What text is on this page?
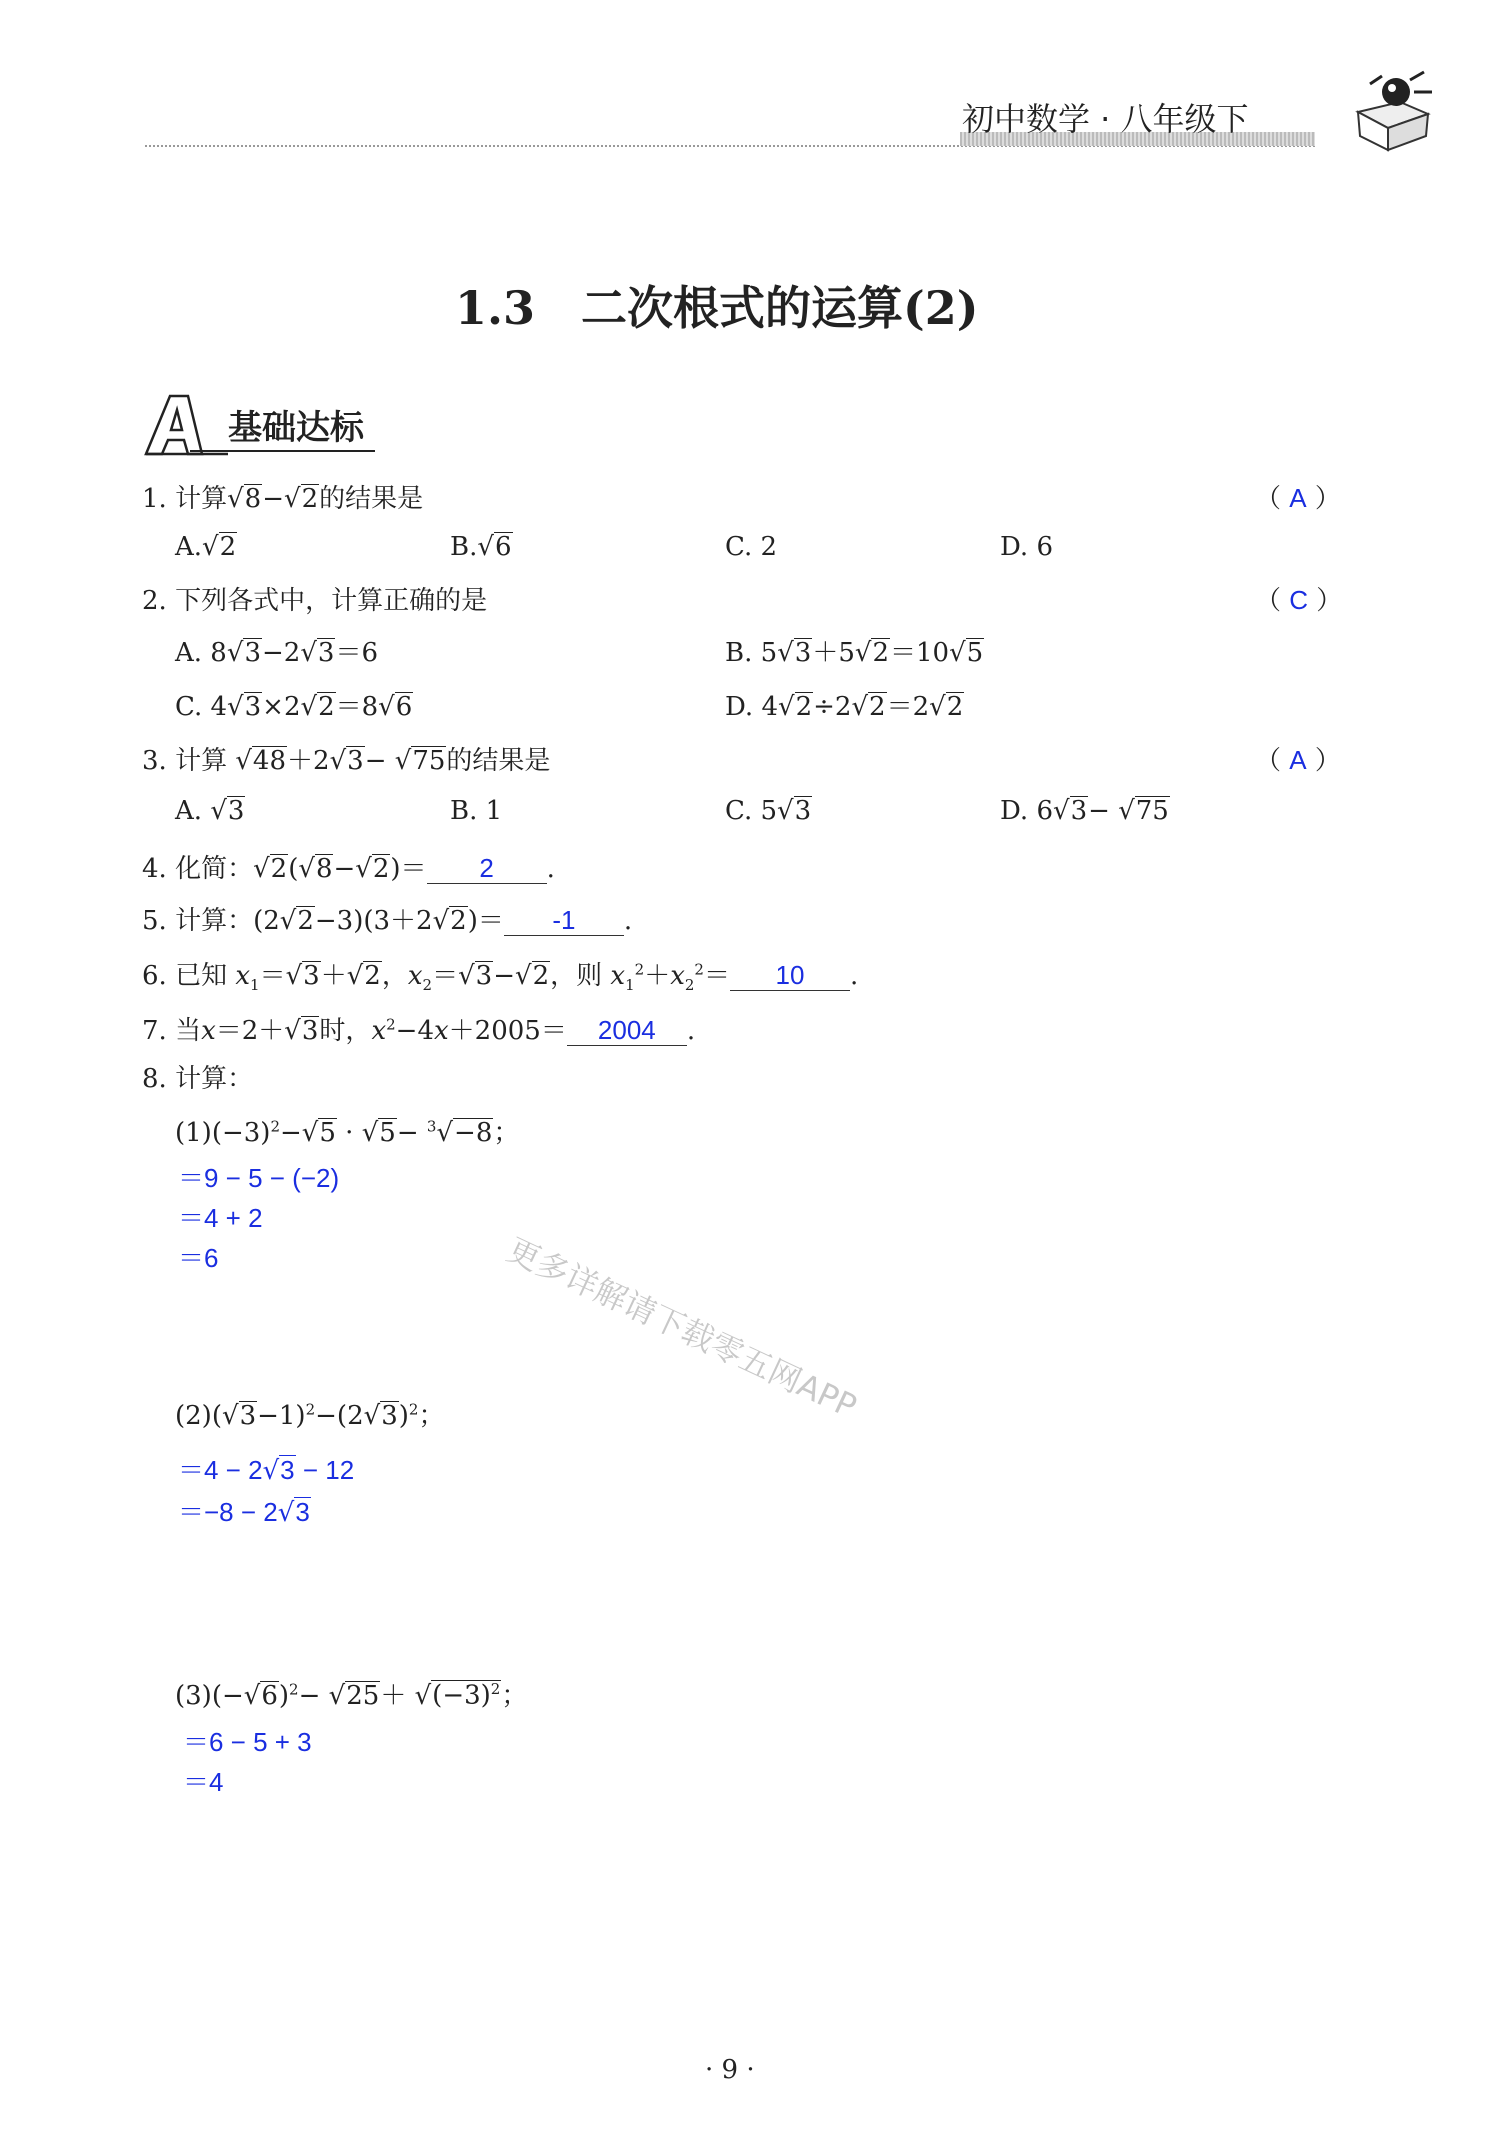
初中数学 · 八年级下
1.3　二次根式的运算(2)
基础达标
1. 计算√8−√2的结果是	（ A ）
A.√2	B.√6	C. 2	D. 6
2. 下列各式中，计算正确的是	（ C ）
A. 8√3−2√3＝6	B. 5√3＋5√2＝10√5
C. 4√3×2√2＝8√6	D. 4√2÷2√2＝2√2
3. 计算 √48＋2√3− √75的结果是	（ A ）
A. √3	B. 1	C. 5√3	D. 6√3− √75
4. 化简：√2(√8−√2)＝ 2 .
5. 计算：(2√2−3)(3＋2√2)＝ -1 .
6. 已知 $x_1=√3+√2$，$x_2=√3-√2$，则 $x_1^2+x_2^2= 10$ .
7. 当x＝2＋√3时，$x^2-4x+2005= 2004$ .
8. 计算：
$(1)(-3)^2-√5 \cdot √5- ^3√-8$；
＝9 − 5 − (−2)
＝4 + 2
＝6
$(2)(√3-1)^2-(2√3)^2$；
＝4 − 2√3 − 12
＝−8 − 2√3
$(3)(-√6)^2- √25+ √(-3)^2$；
＝6 − 5 + 3
＝4
更多详解请下载零五网APP
· 9 ·
